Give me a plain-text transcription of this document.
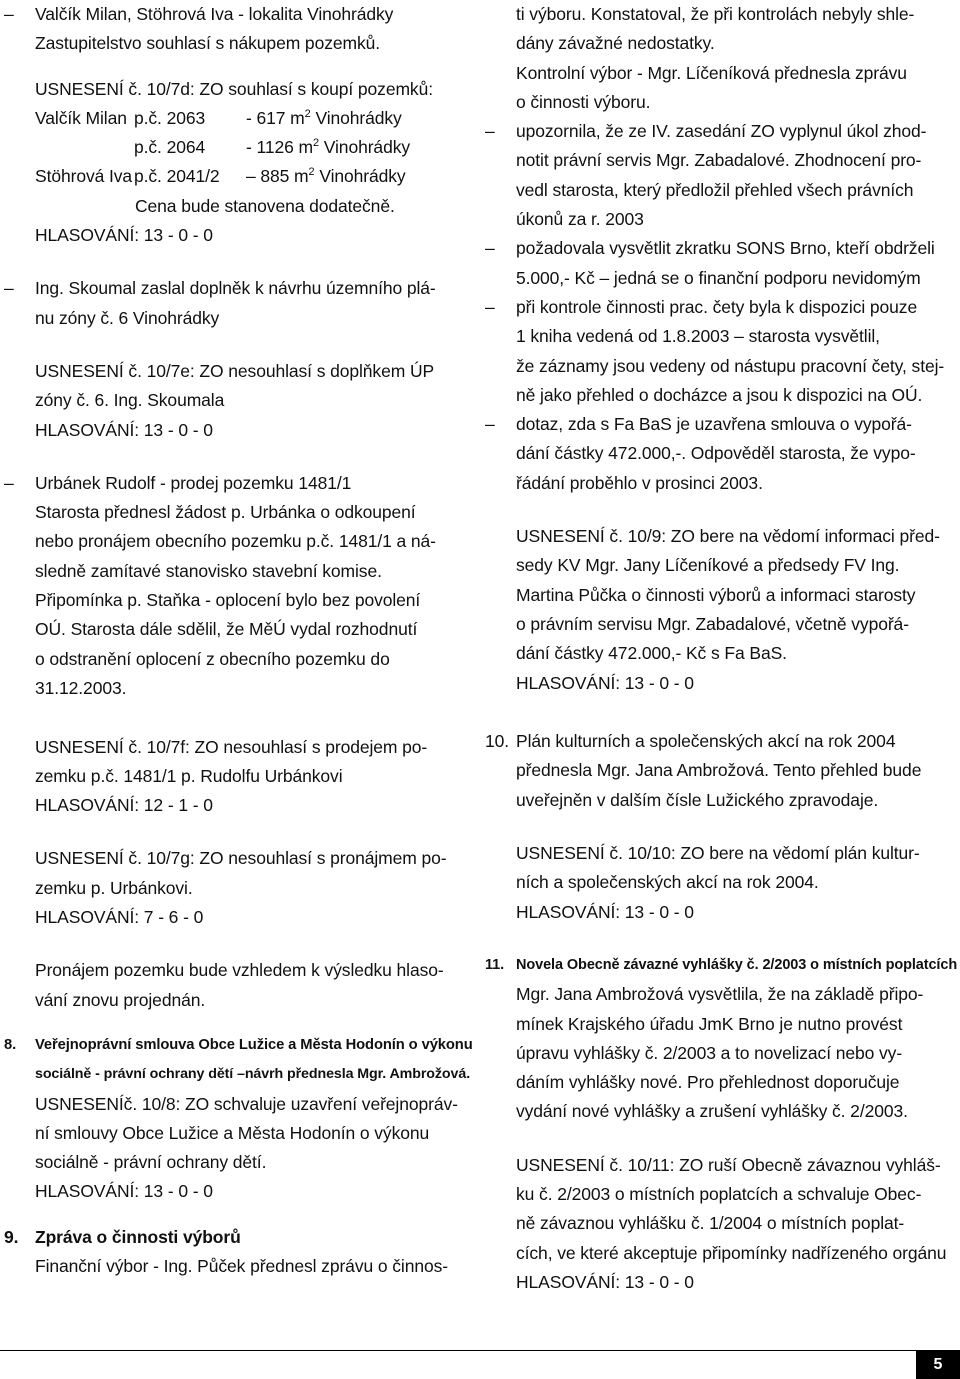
– Valčík Milan, Stöhrová Iva - lokalita Vinohrádky
Zastupitelstvo souhlasí s nákupem pozemků.
USNESENÍ č. 10/7d: ZO souhlasí s koupí pozemků:
Valčík Milan p.č. 2063 - 617 $m^2$ Vinohrádky
p.č. 2064 - 1126 $m^2$ Vinohrádky
Stöhrová Iva p.č. 2041/2 – 885 $m^2$ Vinohrádky
Cena bude stanovena dodatečně.
HLASOVÁNÍ: 13 - 0 - 0
– Ing. Skoumal zaslal doplněk k návrhu územního plá-
nu zóny č. 6 Vinohrádky
USNESENÍ č. 10/7e: ZO nesouhlasí s doplňkem ÚP
zóny č. 6. Ing. Skoumala
HLASOVÁNÍ: 13 - 0 - 0
– Urbánek Rudolf - prodej pozemku 1481/1
Starosta přednesl žádost p. Urbánka o odkoupení
nebo pronájem obecního pozemku p.č. 1481/1 a ná-
sledně zamítavé stanovisko stavební komise.
Připomínka p. Staňka - oplocení bylo bez povolení
OÚ. Starosta dále sdělil, že MěÚ vydal rozhodnutí
o odstranění oplocení z obecního pozemku do
31.12.2003.
USNESENÍ č. 10/7f: ZO nesouhlasí s prodejem po-
zemku p.č. 1481/1 p. Rudolfu Urbánkovi
HLASOVÁNÍ: 12 - 1 - 0
USNESENÍ č. 10/7g: ZO nesouhlasí s pronájmem po-
zemku p. Urbánkovi.
HLASOVÁNÍ: 7 - 6 - 0
Pronájem pozemku bude vzhledem k výsledku hlaso-
vání znovu projednán.
8. Veřejnoprávní smlouva Obce Lužice a Města Hodonín o výkonu
sociálně - právní ochrany dětí –návrh přednesla Mgr. Ambrožová.
USNESENÍč. 10/8: ZO schvaluje uzavření veřejnopráv-
ní smlouvy Obce Lužice a Města Hodonín o výkonu
sociálně - právní ochrany dětí.
HLASOVÁNÍ: 13 - 0 - 0
9. Zpráva o činnosti výborů
Finanční výbor - Ing. Půček přednesl zprávu o činnos-
ti výboru. Konstatoval, že při kontrolách nebyly shle-
dány závažné nedostatky.
Kontrolní výbor - Mgr. Líčeníková přednesla zprávu
o činnosti výboru.
– upozornila, že ze IV. zasedání ZO vyplynul úkol zhod-
notit právní servis Mgr. Zabadalové. Zhodnocení pro-
vedl starosta, který předložil přehled všech právních
úkonů za r. 2003
– požadovala vysvětlit zkratku SONS Brno, kteří obdrželi
5.000,- Kč – jedná se o finanční podporu nevidomým
– při kontrole činnosti prac. čety byla k dispozici pouze
1 kniha vedená od 1.8.2003 – starosta vysvětlil,
že záznamy jsou vedeny od nástupu pracovní čety, stej-
ně jako přehled o docházce a jsou k dispozici na OÚ.
– dotaz, zda s Fa BaS je uzavřena smlouva o vypořá-
dání částky 472.000,-. Odpověděl starosta, že vypo-
řádání proběhlo v prosinci 2003.
USNESENÍ č. 10/9: ZO bere na vědomí informaci před-
sedy KV Mgr. Jany Líčeníkové a předsedy FV Ing.
Martina Půčka o činnosti výborů a informaci starosty
o právním servisu Mgr. Zabadalové, včetně vypořá-
dání částky 472.000,- Kč s Fa BaS.
HLASOVÁNÍ: 13 - 0 - 0
10. Plán kulturních a společenských akcí na rok 2004
přednesla Mgr. Jana Ambrožová. Tento přehled bude
uveřejněn v dalším čísle Lužického zpravodaje.
USNESENÍ č. 10/10: ZO bere na vědomí plán kultur-
ních a společenských akcí na rok 2004.
HLASOVÁNÍ: 13 - 0 - 0
11. Novela Obecně závazné vyhlášky č. 2/2003 o místních poplatcích
Mgr. Jana Ambrožová vysvětlila, že na základě připo-
mínek Krajského úřadu JmK Brno je nutno provést
úpravu vyhlášky č. 2/2003 a to novelizací nebo vy-
dáním vyhlášky nové. Pro přehlednost doporučuje
vydání nové vyhlášky a zrušení vyhlášky č. 2/2003.
USNESENÍ č. 10/11: ZO ruší Obecně závaznou vyhláš-
ku č. 2/2003 o místních poplatcích a schvaluje Obec-
ně závaznou vyhlášku č. 1/2004 o místních poplat-
cích, ve které akceptuje připomínky nadřízeného orgánu
HLASOVÁNÍ: 13 - 0 - 0
5
